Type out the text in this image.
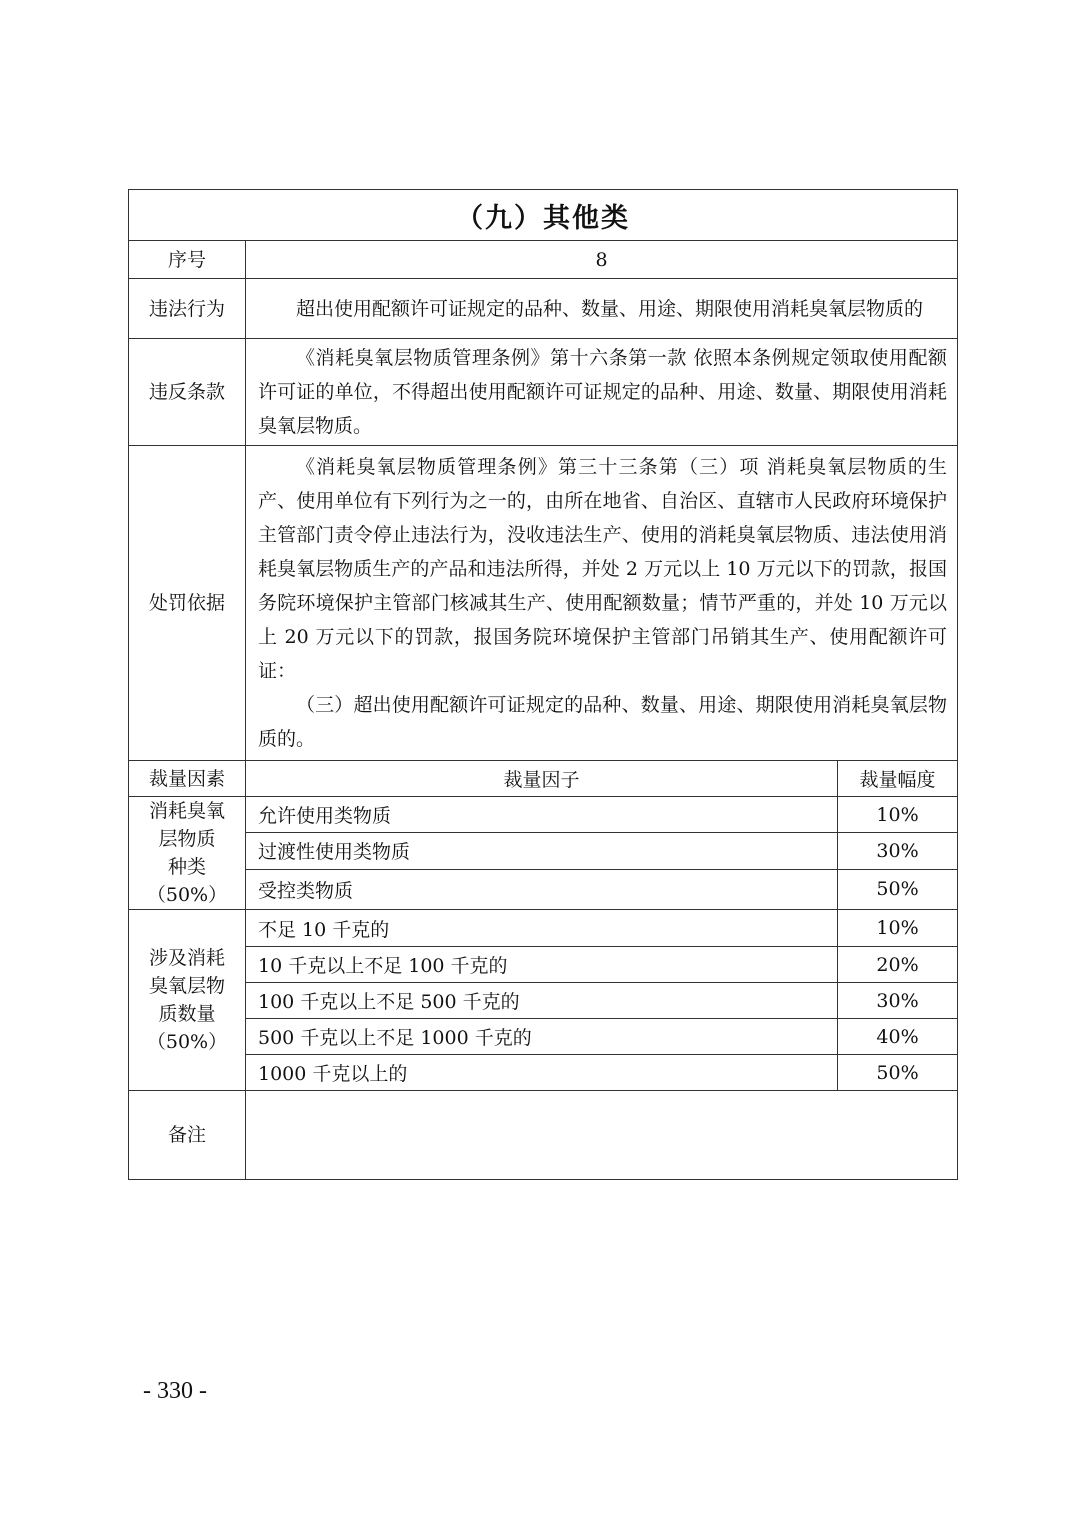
（九）其他类		
序号	8	
违法行为	超出使用配额许可证规定的品种、数量、用途、期限使用消耗臭氧层物质的	

违反条款	《消耗臭氧层物质管理条例》第十六条第一款 依照本条例规定领取使用配额许可证的单位，不得超出使用配额许可证规定的品种、用途、数量、期限使用消耗臭氧层物质。	

处罚依据	《消耗臭氧层物质管理条例》第三十三条第（三）项 消耗臭氧层物质的生产、使用单位有下列行为之一的，由所在地省、自治区、直辖市人民政府环境保护主管部门责令停止违法行为，没收违法生产、使用的消耗臭氧层物质、违法使用消耗臭氧层物质生产的产品和违法所得，并处 2 万元以上 10 万元以下的罚款，报国务院环境保护主管部门核减其生产、使用配额数量；情节严重的，并处 10 万元以上 20 万元以下的罚款，报国务院环境保护主管部门吊销其生产、使用配额许可证：

（三）超出使用配额许可证规定的品种、数量、用途、期限使用消耗臭氧层物质的。	

裁量因素	裁量因子	裁量幅度

消耗臭氧
层物质
种类
（50%）	允许使用类物质	10%
	过渡性使用类物质	30%
	受控类物质	50%

涉及消耗
臭氧层物
质数量
（50%）	不足 10 千克的	10%
	10 千克以上不足 100 千克的	20%
	100 千克以上不足 500 千克的	30%
	500 千克以上不足 1000 千克的	40%
	1000 千克以上的	50%
备注		
- 330 -
